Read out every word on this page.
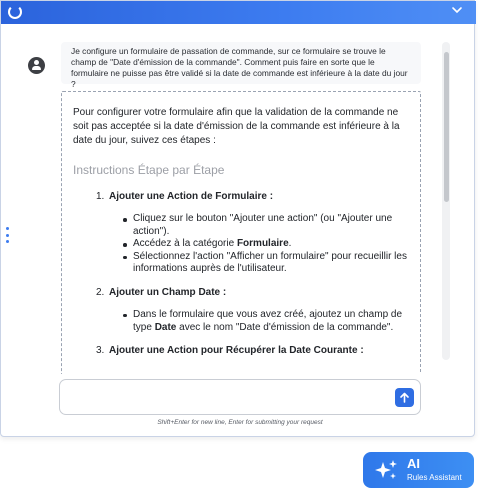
Je configure un formulaire de passation de commande, sur ce formulaire se trouve le champ de "Date d'émission de la commande". Comment puis faire en sorte que le formulaire ne puisse pas être validé si la date de commande est inférieure à la date du jour ?
Pour configurer votre formulaire afin que la validation de la commande ne soit pas acceptée si la date d'émission de la commande est inférieure à la date du jour, suivez ces étapes :
Instructions Étape par Étape
1. Ajouter une Action de Formulaire :
Cliquez sur le bouton "Ajouter une action" (ou "Ajouter une action").
Accédez à la catégorie Formulaire.
Sélectionnez l'action "Afficher un formulaire" pour recueillir les informations auprès de l'utilisateur.
2. Ajouter un Champ Date :
Dans le formulaire que vous avez créé, ajoutez un champ de type Date avec le nom "Date d'émission de la commande".
3. Ajouter une Action pour Récupérer la Date Courante :
Shift+Enter for new line, Enter for submitting your request
AI
Rules Assistant
